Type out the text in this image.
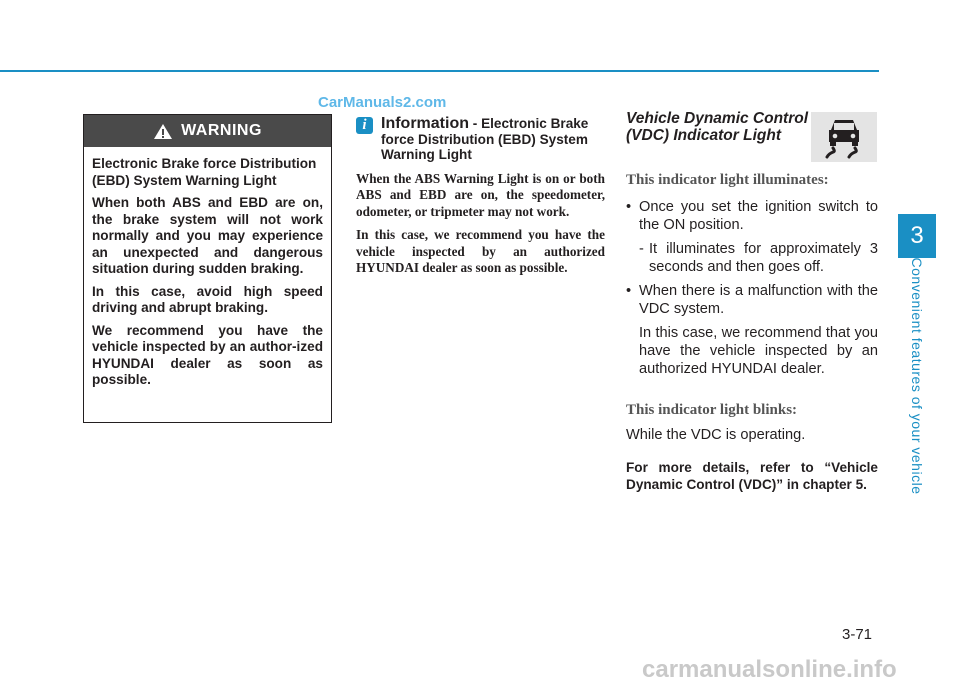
CarManuals2.com
WARNING

Electronic Brake force Distribution (EBD) System Warning Light

When both ABS and EBD are on, the brake system will not work normally and you may experience an unexpected and dangerous situation during sudden braking.

In this case, avoid high speed driving and abrupt braking.

We recommend you have the vehicle inspected by an author-ized HYUNDAI dealer as soon as possible.

i Information - Electronic Brake force Distribution (EBD) System Warning Light

When the ABS Warning Light is on or both ABS and EBD are on, the speedometer, odometer, or tripmeter may not work.

In this case, we recommend you have the vehicle inspected by an authorized HYUNDAI dealer as soon as possible.

Vehicle Dynamic Control (VDC) Indicator Light

This indicator light illuminates:

• Once you set the ignition switch to the ON position.
- It illuminates for approximately 3 seconds and then goes off.
• When there is a malfunction with the VDC system.

In this case, we recommend that you have the vehicle inspected by an authorized HYUNDAI dealer.

This indicator light blinks:

While the VDC is operating.

For more details, refer to “Vehicle Dynamic Control (VDC)” in chapter 5.

3
Convenient features of your vehicle
3-71
carmanualsonline.info
